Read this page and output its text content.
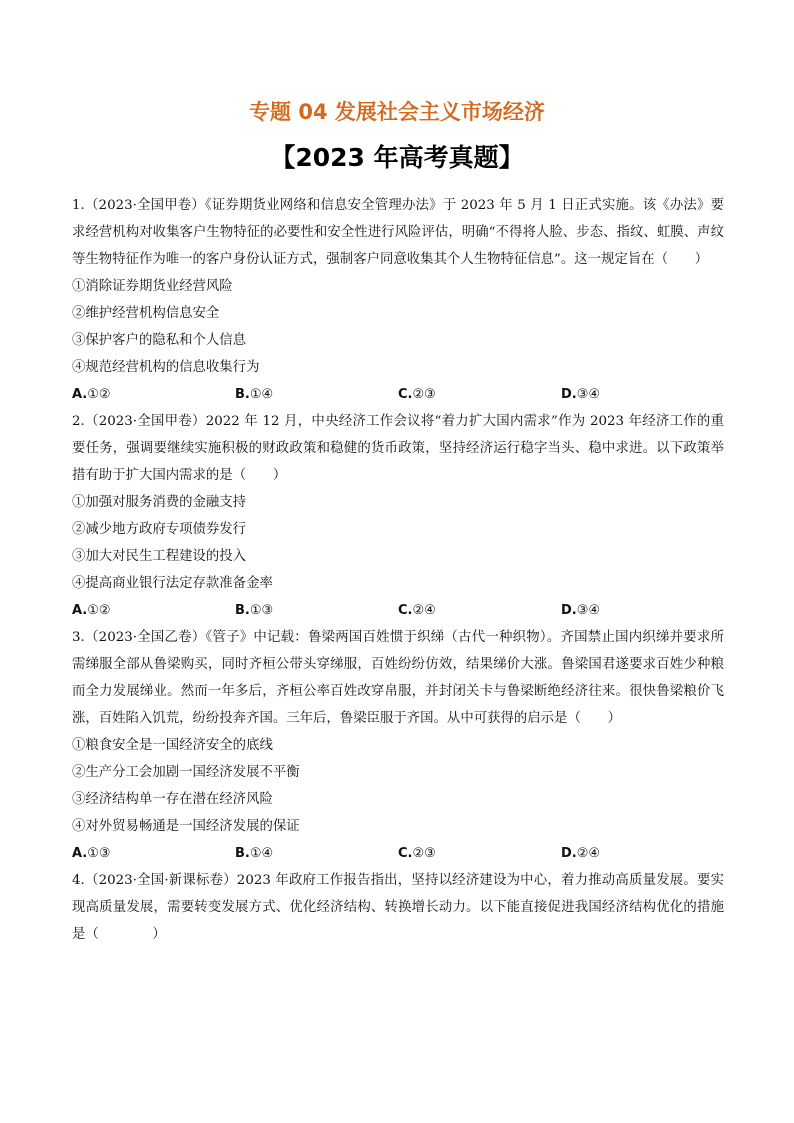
专题 04 发展社会主义市场经济
【2023 年高考真题】
1.（2023·全国甲卷）《证券期货业网络和信息安全管理办法》于 2023 年 5 月 1 日正式实施。该《办法》要求经营机构对收集客户生物特征的必要性和安全性进行风险评估，明确“不得将人脸、步态、指纹、虹膜、声纹等生物特征作为唯一的客户身份认证方式，强制客户同意收集其个人生物特征信息”。这一规定旨在（　　）
①消除证券期货业经营风险
②维护经营机构信息安全
③保护客户的隐私和个人信息
④规范经营机构的信息收集行为
A.①②	B.①④	C.②③	D.③④
2.（2023·全国甲卷）2022 年 12 月，中央经济工作会议将“着力扩大国内需求”作为 2023 年经济工作的重要任务，强调要继续实施积极的财政政策和稳健的货币政策，坚持经济运行稳字当头、稳中求进。以下政策举措有助于扩大国内需求的是（　　）
①加强对服务消费的金融支持
②减少地方政府专项债券发行
③加大对民生工程建设的投入
④提高商业银行法定存款准备金率
A.①②	B.①③	C.②④	D.③④
3.（2023·全国乙卷）《管子》中记载：鲁梁两国百姓惯于织绨（古代一种织物）。齐国禁止国内织绨并要求所需绨服全部从鲁梁购买，同时齐桓公带头穿绨服，百姓纷纷仿效，结果绨价大涨。鲁梁国君遂要求百姓少种粮而全力发展绨业。然而一年多后，齐桓公率百姓改穿帛服，并封闭关卡与鲁梁断绝经济往来。很快鲁梁粮价飞涨，百姓陷入饥荒，纷纷投奔齐国。三年后，鲁梁臣服于齐国。从中可获得的启示是（　　）
①粮食安全是一国经济安全的底线
②生产分工会加剧一国经济发展不平衡
③经济结构单一存在潜在经济风险
④对外贸易畅通是一国经济发展的保证
A.①③	B.①④	C.②③	D.②④
4.（2023·全国·新课标卷）2023 年政府工作报告指出，坚持以经济建设为中心，着力推动高质量发展。要实现高质量发展，需要转变发展方式、优化经济结构、转换增长动力。以下能直接促进我国经济结构优化的措施是（　　　　）
